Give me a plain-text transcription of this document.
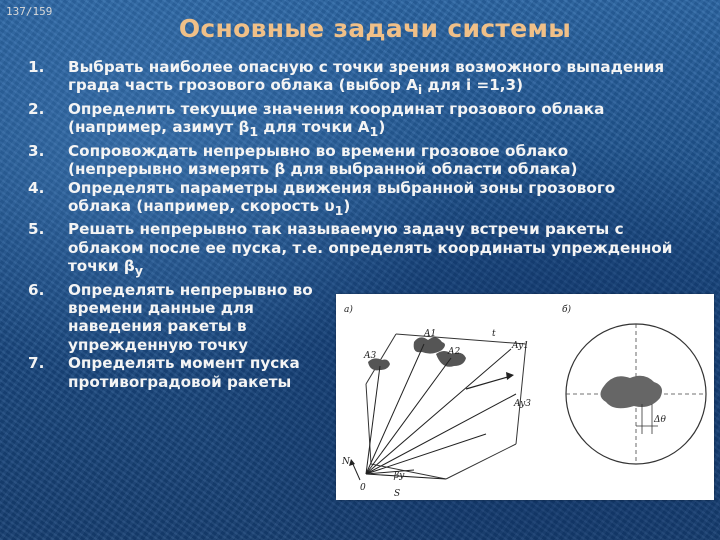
137/159
Основные задачи системы
1. Выбрать наиболее опасную с точки зрения возможного выпадения града часть грозового облака (выбор $A_i$ для i =1,3)
2. Определить текущие значения координат грозового облака (например, азимут $\beta_1$ для точки $A_1$)
3. Сопровождать непрерывно во времени грозовое облако (непрерывно измерять β для выбранной области облака)
4. Определять параметры движения выбранной зоны грозового облака (например, скорость $\upsilon_1$)
5. Решать непрерывно так называемую задачу встречи ракеты с облаком после ее пуска, т.е. определять координаты упрежденной точки $\beta_у$
6. Определять непрерывно во времени данные для наведения ракеты в упрежденную точку
7. Определять момент пуска противоградовой ракеты
а)
N
0
S
βy
A1
A2
A3
Ay1
Ay3
t
б)
Δθ
